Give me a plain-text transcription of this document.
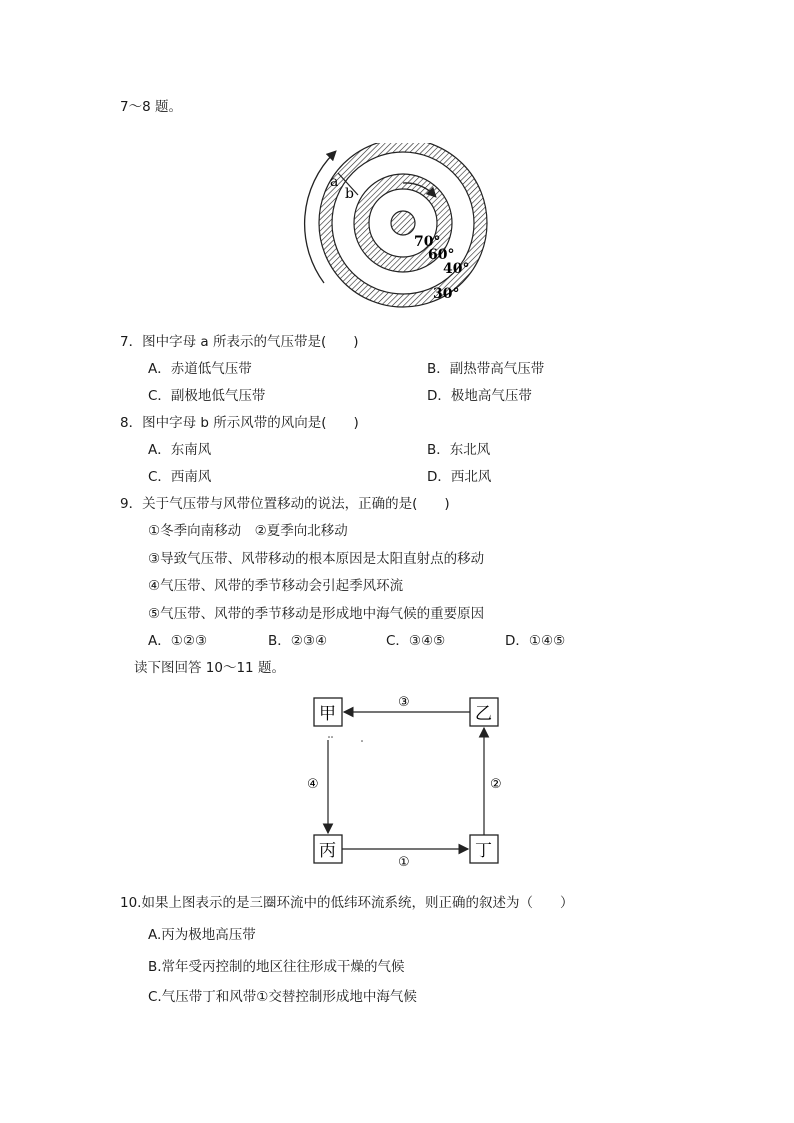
7～8 题。
a
b
70°
60°
40°
30°
7．图中字母 a 所表示的气压带是(　　)
A．赤道低气压带	B．副热带高气压带
C．副极地低气压带	D．极地高气压带
8．图中字母 b 所示风带的风向是(　　)
A．东南风	B．东北风
C．西南风	D．西北风
9．关于气压带与风带位置移动的说法，正确的是(　　)
①冬季向南移动　②夏季向北移动
③导致气压带、风带移动的根本原因是太阳直射点的移动
④气压带、风带的季节移动会引起季风环流
⑤气压带、风带的季节移动是形成地中海气候的重要原因
A．①②③	B．②③④	C．③④⑤	D．①④⑤
读下图回答 10～11 题。
甲	乙
丙	丁
③
④	②
①
10.如果上图表示的是三圈环流中的低纬环流系统，则正确的叙述为（　　）
A.丙为极地高压带
B.常年受丙控制的地区往往形成干燥的气候
C.气压带丁和风带①交替控制形成地中海气候
